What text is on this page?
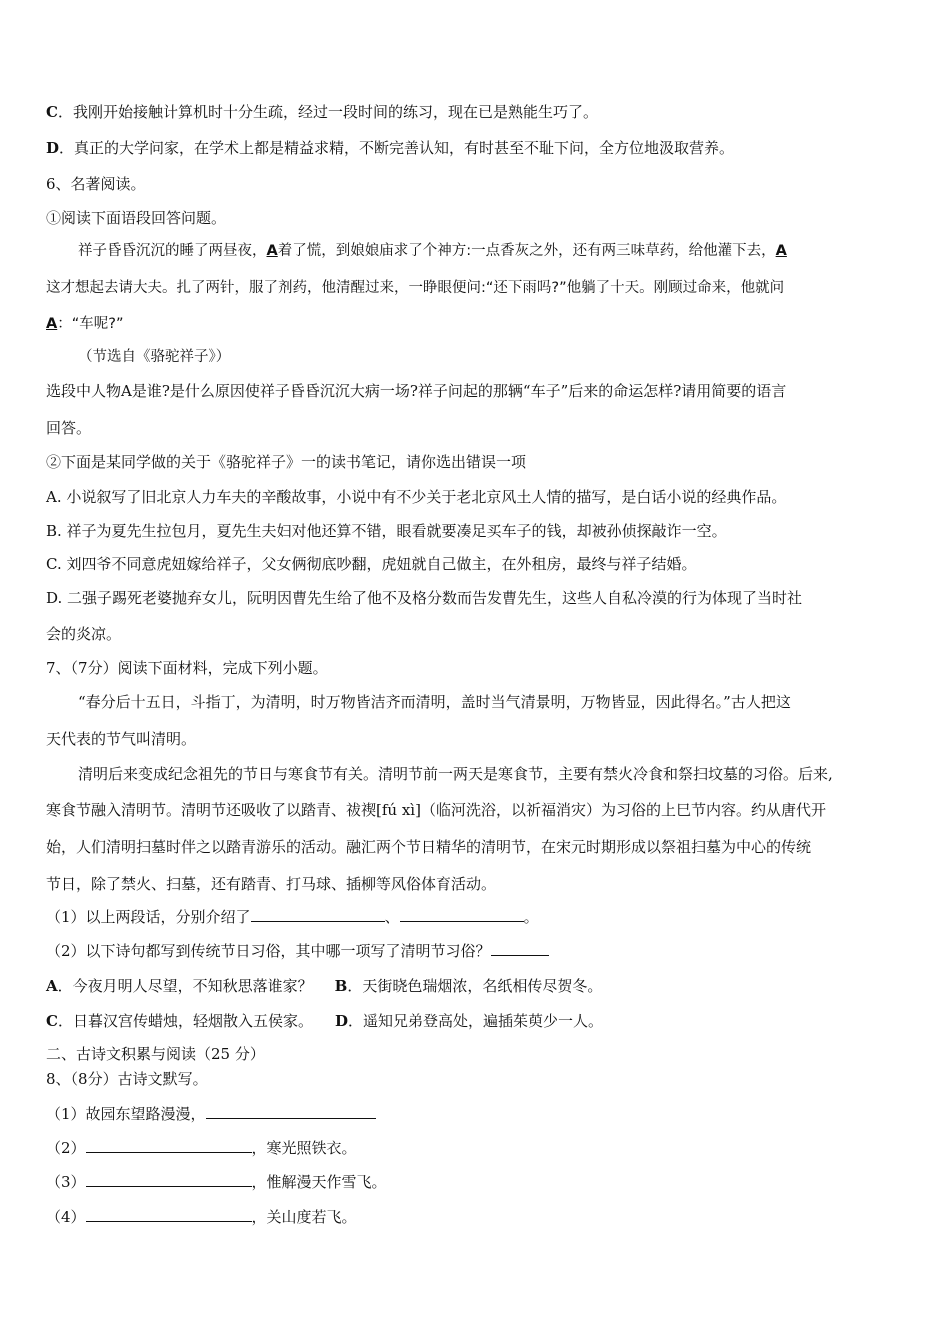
C．我刚开始接触计算机时十分生疏，经过一段时间的练习，现在已是熟能生巧了。
D．真正的大学问家，在学术上都是精益求精，不断完善认知，有时甚至不耻下问，全方位地汲取营养。
6、名著阅读。
①阅读下面语段回答问题。
祥子昏昏沉沉的睡了两昼夜，A着了慌，到娘娘庙求了个神方:一点香灰之外，还有两三味草药，给他灌下去，A
这才想起去请大夫。扎了两针，服了剂药，他清醒过来，一睁眼便问:“还下雨吗?”他躺了十天。刚顾过命来，他就问
A：“车呢?”
（节选自《骆驼祥子》）
选段中人物A是谁?是什么原因使祥子昏昏沉沉大病一场?祥子问起的那辆“车子”后来的命运怎样?请用简要的语言
回答。
②下面是某同学做的关于《骆驼祥子》一的读书笔记，请你选出错误一项
A. 小说叙写了旧北京人力车夫的辛酸故事，小说中有不少关于老北京风土人情的描写，是白话小说的经典作品。
B. 祥子为夏先生拉包月，夏先生夫妇对他还算不错，眼看就要凑足买车子的钱，却被孙侦探敲诈一空。
C. 刘四爷不同意虎妞嫁给祥子，父女俩彻底吵翻，虎妞就自己做主，在外租房，最终与祥子结婚。
D. 二强子踢死老婆抛弃女儿，阮明因曹先生给了他不及格分数而告发曹先生，这些人自私冷漠的行为体现了当时社
会的炎凉。
7、（7分）阅读下面材料，完成下列小题。
“春分后十五日，斗指丁，为清明，时万物皆洁齐而清明，盖时当气清景明，万物皆显，因此得名。”古人把这
天代表的节气叫清明。
清明后来变成纪念祖先的节日与寒食节有关。清明节前一两天是寒食节，主要有禁火冷食和祭扫坟墓的习俗。后来,
寒食节融入清明节。清明节还吸收了以踏青、祓禊[fú xì]（临河洗浴，以祈福消灾）为习俗的上巳节内容。约从唐代开
始，人们清明扫墓时伴之以踏青游乐的活动。融汇两个节日精华的清明节，在宋元时期形成以祭祖扫墓为中心的传统
节日，除了禁火、扫墓，还有踏青、打马球、插柳等风俗体育活动。
（1）以上两段话，分别介绍了	、	。
（2）以下诗句都写到传统节日习俗，其中哪一项写了清明节习俗？
A．今夜月明人尽望，不知秋思落谁家？ B．天街晓色瑞烟浓，名纸相传尽贺冬。
C．日暮汉宫传蜡烛，轻烟散入五侯家。 D．遥知兄弟登高处，遍插茱萸少一人。
二、古诗文积累与阅读（25 分）
8、（8分）古诗文默写。
（1）故园东望路漫漫，
（2）	，寒光照铁衣。
（3）	，惟解漫天作雪飞。
（4）	，关山度若飞。
